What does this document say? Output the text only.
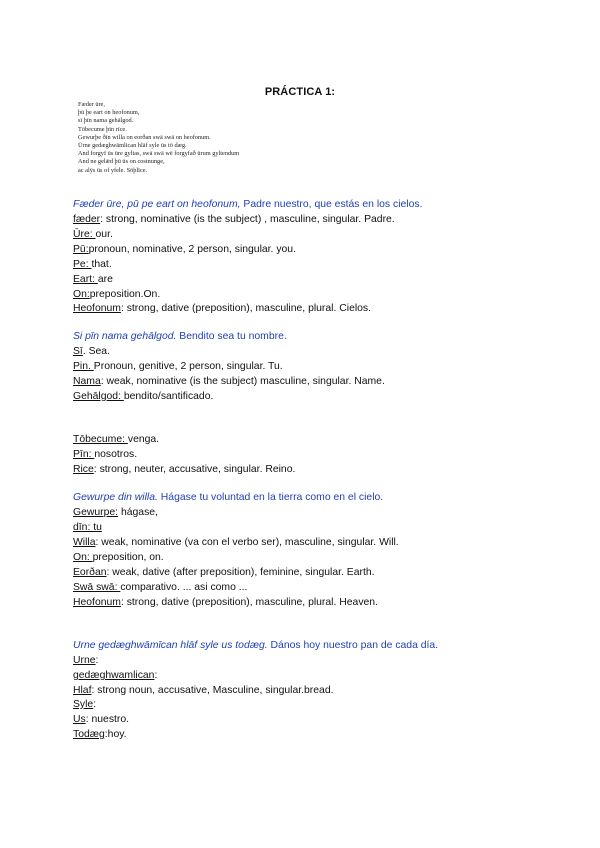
PRÁCTICA 1:
Fæder ūre,
þū þe eart on heofonum,
sī þīn nama gehālgod.
Tōbecume þīn rīce.
Gewurþe ðīn willa on eorðan swā swā on heofonum.
Ūrne gedæghwāmlican hlāf syle ūs tō dæg.
And forgyf ūs ūre gyltas, swā swā wē forgyfað ūrum gyltendum
And ne gelǣd þū ūs on costnunge,
ac alȳs ūs of yfele. Sōþlīce.
Fæder ūre, pū pe eart on heofonum, Padre nuestro, que estás en los cielos.
fæder: strong, nominative (is the subject) , masculine, singular. Padre.
Ūre: our.
Pū:pronoun, nominative, 2 person, singular. you.
Pe: that.
Eart: are
On:preposition.On.
Heofonum: strong, dative (preposition), masculine, plural. Cielos.
Si pīn nama gehālgod. Bendito sea tu nombre.
Sī. Sea.
Pin. Pronoun, genitive, 2 person, singular. Tu.
Nama: weak, nominative (is the subject) masculine, singular. Name.
Gehālgod: bendito/santificado.
Tōbecume: venga.
Pīn: nosotros.
Rice: strong, neuter, accusative, singular. Reino.
Gewurpe din willa. Hágase tu voluntad en la tierra como en el cielo.
Gewurpe: hágase,
dīn: tu
Willa: weak, nominative (va con el verbo ser), masculine, singular. Will.
On: preposition, on.
Eorðan: weak, dative (after preposition), feminine, singular. Earth.
Swā swā: comparativo. ... asi como ...
Heofonum: strong, dative (preposition), masculine, plural. Heaven.
Urne gedæghwāmīcan hlāf syle us todæg. Dános hoy nuestro pan de cada día.
Urne:
gedæghwamlican:
Hlaf: strong noun, accusative, Masculine, singular.bread.
Syle:
Us: nuestro.
Todæg:hoy.
